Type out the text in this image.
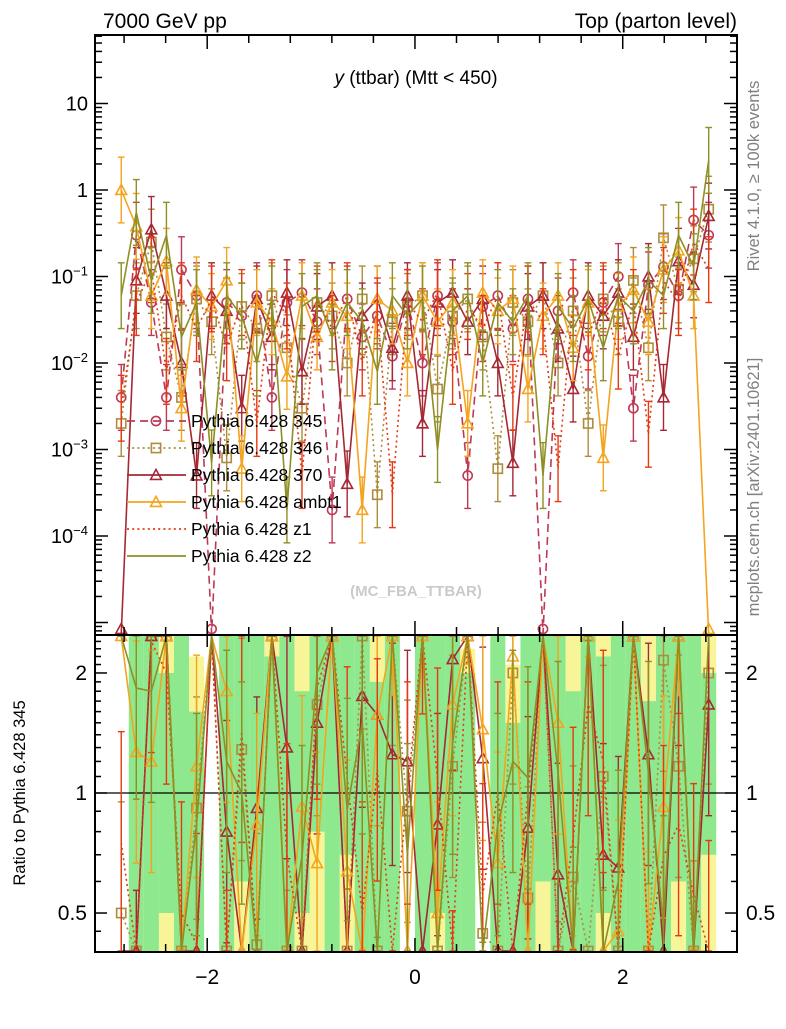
−2	0	2
10
1
$10^{-1}$
$10^{-2}$
$10^{-3}$
$10^{-4}$
2	2
1	1
0.5	0.5
Pythia 6.428 345
Pythia 6.428 346
Pythia 6.428 370
Pythia 6.428 ambt1
Pythia 6.428 z1
Pythia 6.428 z2
7000 GeV pp	Top (parton level)
y (ttbar) (Mtt < 450)
(MC_FBA_TTBAR)
Ratio to Pythia 6.428 345
Rivet 4.1.0, ≥ 100k events
mcplots.cern.ch [arXiv:2401.10621]
